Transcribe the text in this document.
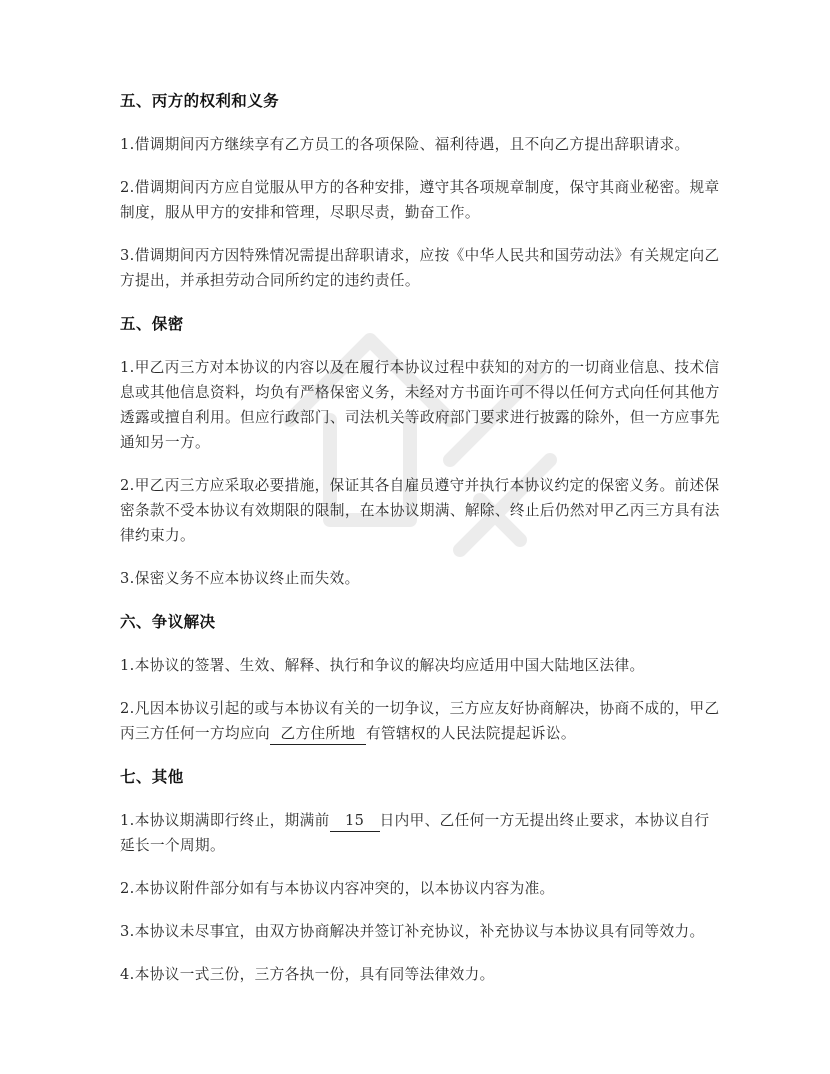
五、丙方的权利和义务

1.借调期间丙方继续享有乙方员工的各项保险、福利待遇，且不向乙方提出辞职请求。

2.借调期间丙方应自觉服从甲方的各种安排，遵守其各项规章制度，保守其商业秘密。规章制度，服从甲方的安排和管理，尽职尽责，勤奋工作。

3.借调期间丙方因特殊情况需提出辞职请求，应按《中华人民共和国劳动法》有关规定向乙方提出，并承担劳动合同所约定的违约责任。

五、保密

1.甲乙丙三方对本协议的内容以及在履行本协议过程中获知的对方的一切商业信息、技术信息或其他信息资料，均负有严格保密义务，未经对方书面许可不得以任何方式向任何其他方透露或擅自利用。但应行政部门、司法机关等政府部门要求进行披露的除外，但一方应事先通知另一方。

2.甲乙丙三方应采取必要措施，保证其各自雇员遵守并执行本协议约定的保密义务。前述保密条款不受本协议有效期限的限制，在本协议期满、解除、终止后仍然对甲乙丙三方具有法律约束力。

3.保密义务不应本协议终止而失效。

六、争议解决

1.本协议的签署、生效、解释、执行和争议的解决均应适用中国大陆地区法律。

2.凡因本协议引起的或与本协议有关的一切争议，三方应友好协商解决，协商不成的，甲乙丙三方任何一方均应向 乙方住所地 有管辖权的人民法院提起诉讼。

七、其他

1.本协议期满即行终止，期满前 15 日内甲、乙任何一方无提出终止要求，本协议自行延长一个周期。

2.本协议附件部分如有与本协议内容冲突的，以本协议内容为准。

3.本协议未尽事宜，由双方协商解决并签订补充协议，补充协议与本协议具有同等效力。

4.本协议一式三份，三方各执一份，具有同等法律效力。
